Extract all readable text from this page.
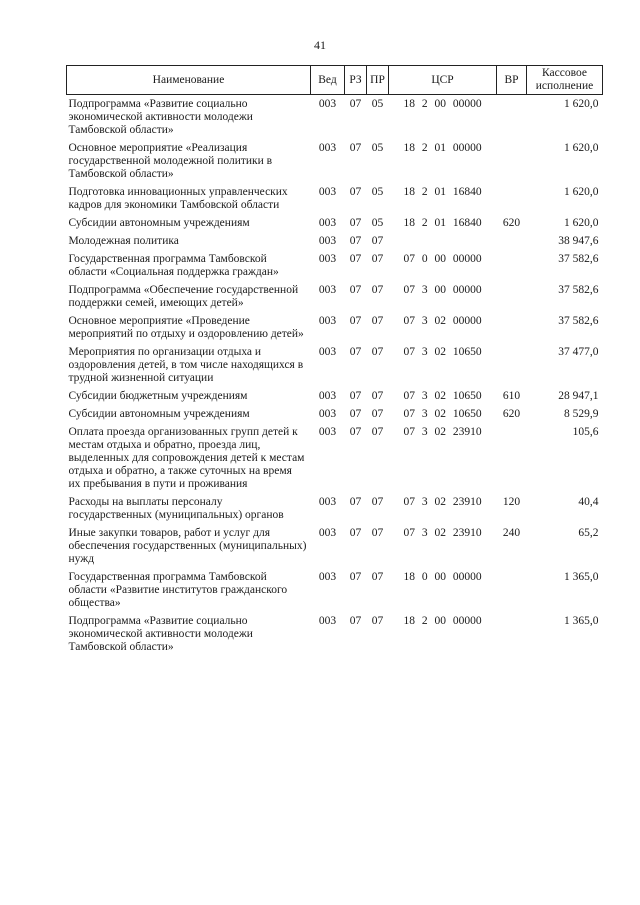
41
Наименование	Вед	РЗ	ПР	ЦСР	ВР	Кассовое исполнение
Подпрограмма «Развитие социально экономической активности молодежи Тамбовской области»	003	07	05	18 2 00 00000		1 620,0
Основное мероприятие «Реализация государственной молодежной политики в Тамбовской области»	003	07	05	18 2 01 00000		1 620,0
Подготовка инновационных управленческих кадров для экономики Тамбовской области	003	07	05	18 2 01 16840		1 620,0
Субсидии автономным учреждениям	003	07	05	18 2 01 16840	620	1 620,0
Молодежная политика	003	07	07			38 947,6
Государственная программа Тамбовской области «Социальная поддержка граждан»	003	07	07	07 0 00 00000		37 582,6
Подпрограмма «Обеспечение государственной поддержки семей, имеющих детей»	003	07	07	07 3 00 00000		37 582,6
Основное мероприятие «Проведение мероприятий по отдыху и оздоровлению детей»	003	07	07	07 3 02 00000		37 582,6
Мероприятия по организации отдыха и оздоровления детей, в том числе находящихся в трудной жизненной ситуации	003	07	07	07 3 02 10650		37 477,0
Субсидии бюджетным учреждениям	003	07	07	07 3 02 10650	610	28 947,1
Субсидии автономным учреждениям	003	07	07	07 3 02 10650	620	8 529,9
Оплата проезда организованных групп детей к местам отдыха и обратно, проезда лиц, выделенных для сопровождения детей к местам отдыха и обратно, а также суточных на время их пребывания в пути и проживания	003	07	07	07 3 02 23910		105,6
Расходы на выплаты персоналу государственных (муниципальных) органов	003	07	07	07 3 02 23910	120	40,4
Иные закупки товаров, работ и услуг для обеспечения государственных (муниципальных) нужд	003	07	07	07 3 02 23910	240	65,2
Государственная программа Тамбовской области «Развитие институтов гражданского общества»	003	07	07	18 0 00 00000		1 365,0
Подпрограмма «Развитие социально экономической активности молодежи Тамбовской области»	003	07	07	18 2 00 00000		1 365,0
